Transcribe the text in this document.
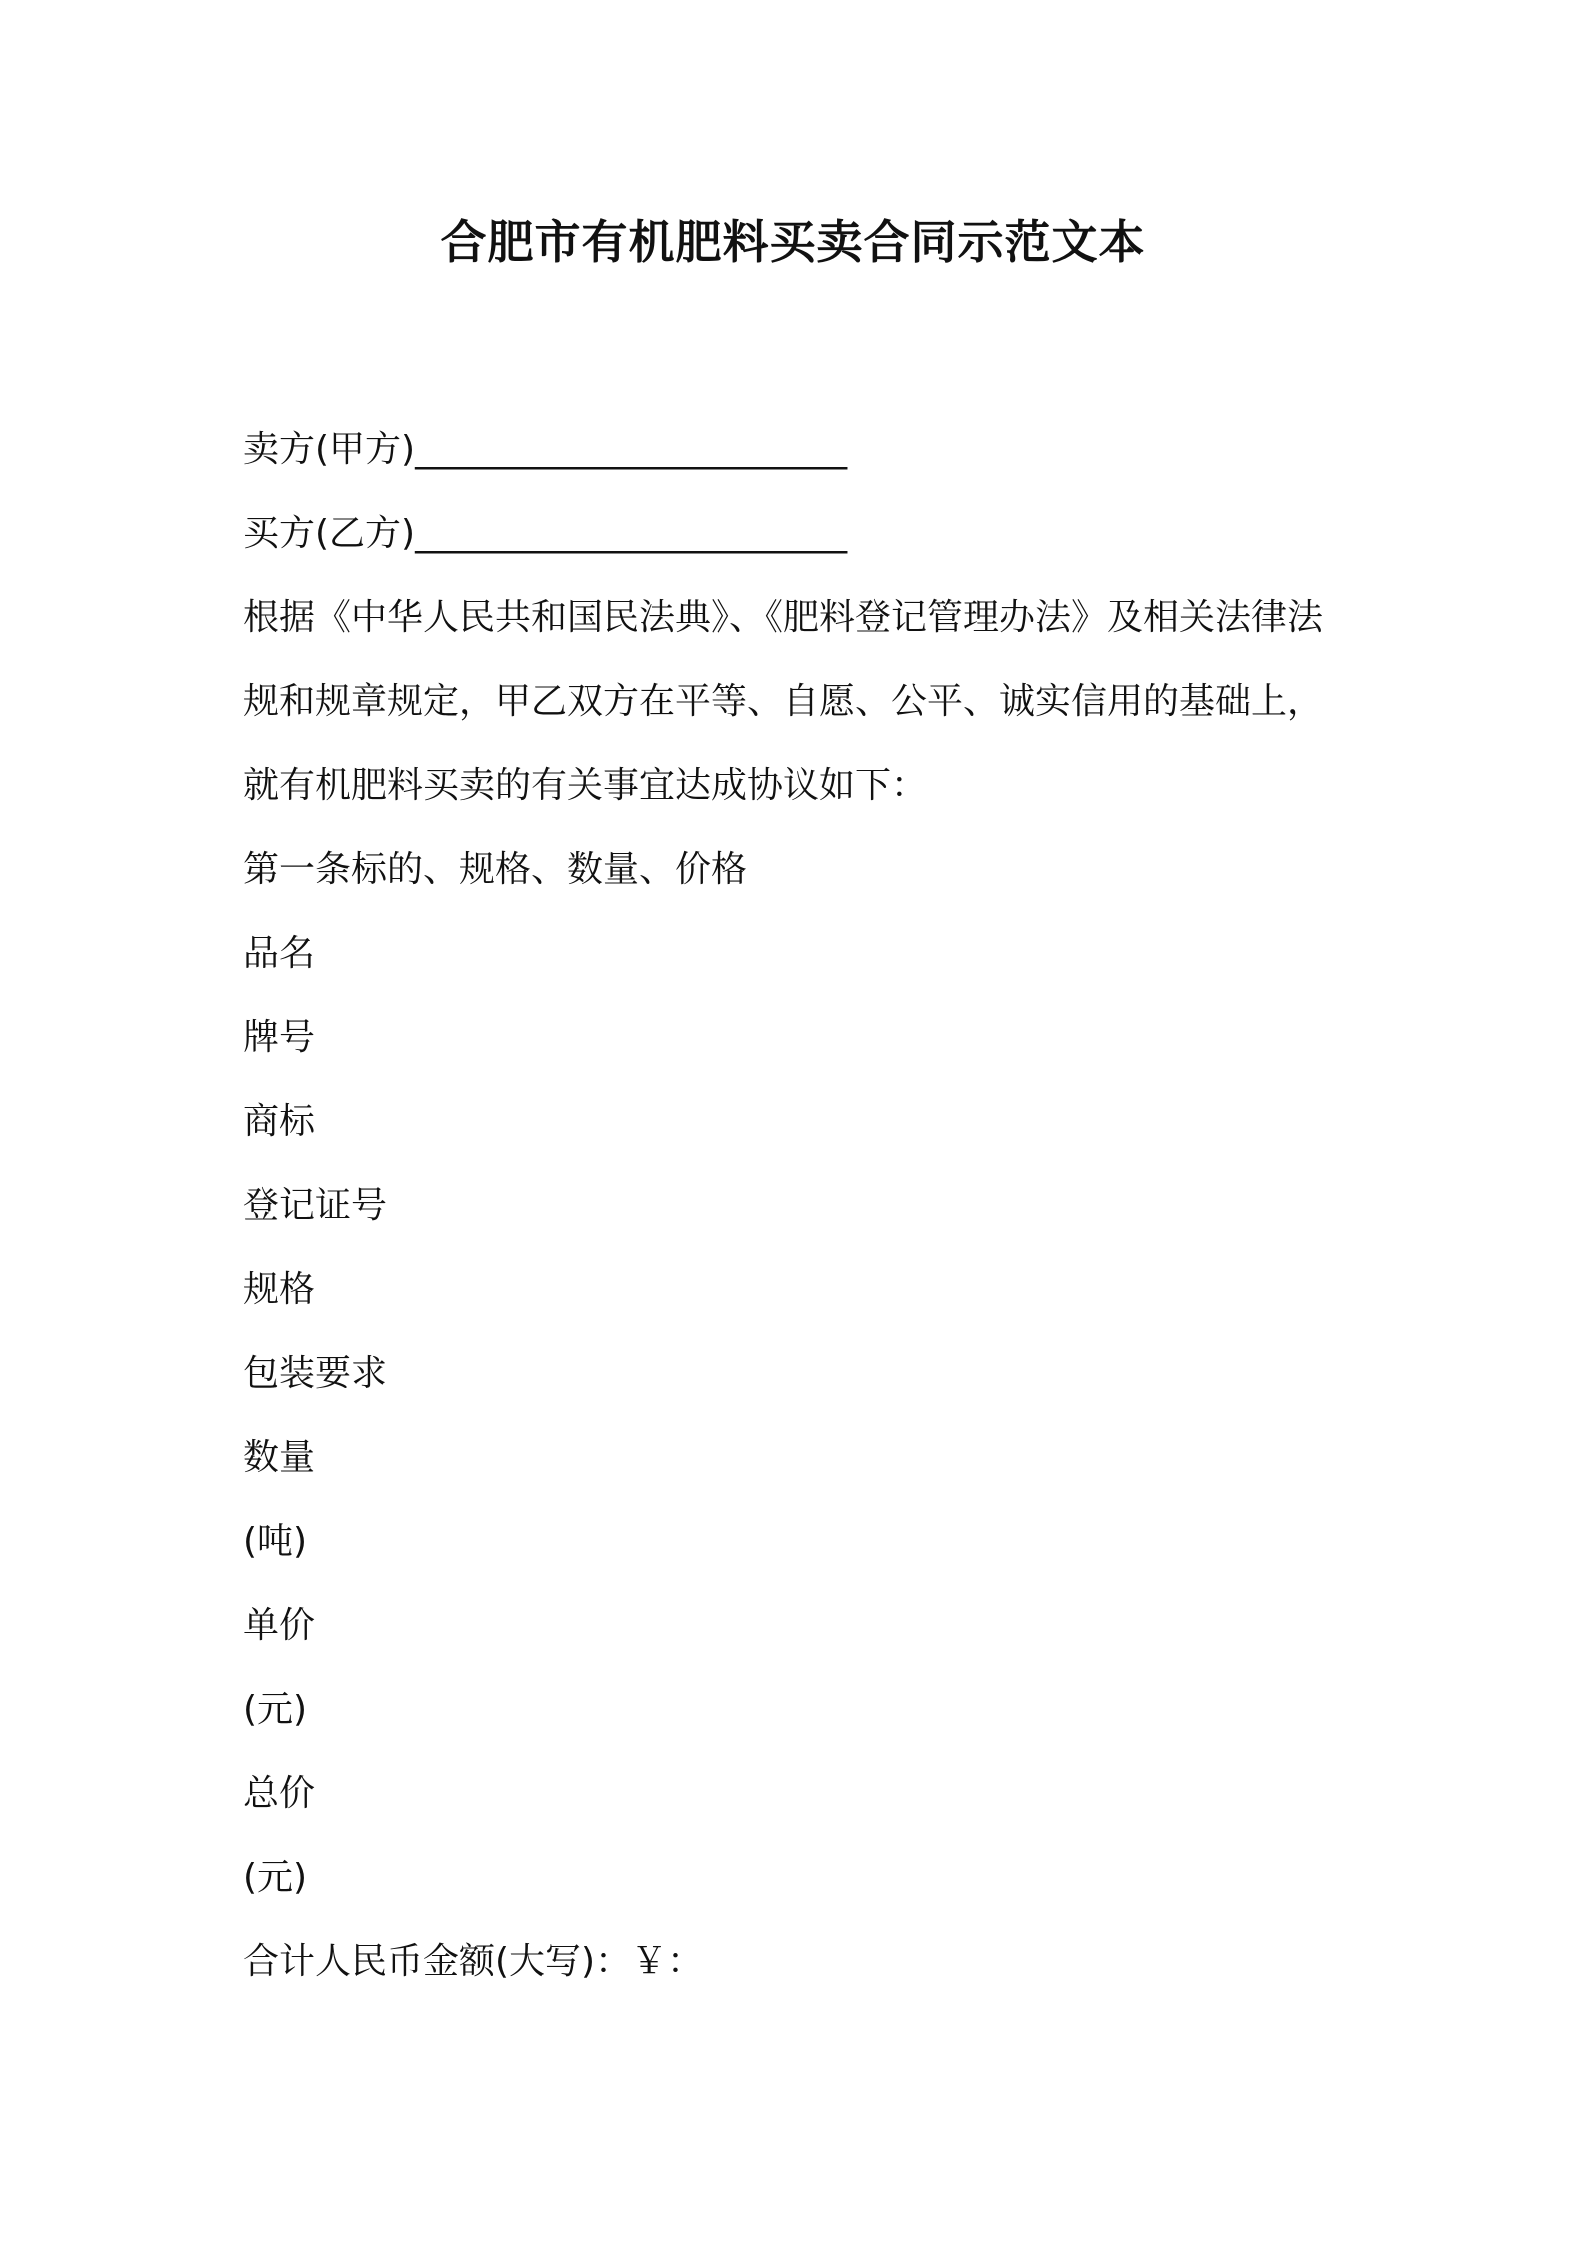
合肥市有机肥料买卖合同示范文本
卖方(甲方)________________________
买方(乙方)________________________
根据《中华人民共和国民法典》、《肥料登记管理办法》及相关法律法
规和规章规定，甲乙双方在平等、自愿、公平、诚实信用的基础上，
就有机肥料买卖的有关事宜达成协议如下：
第一条标的、规格、数量、价格
品名
牌号
商标
登记证号
规格
包装要求
数量
(吨)
单价
(元)
总价
(元)
合计人民币金额(大写)：￥：
